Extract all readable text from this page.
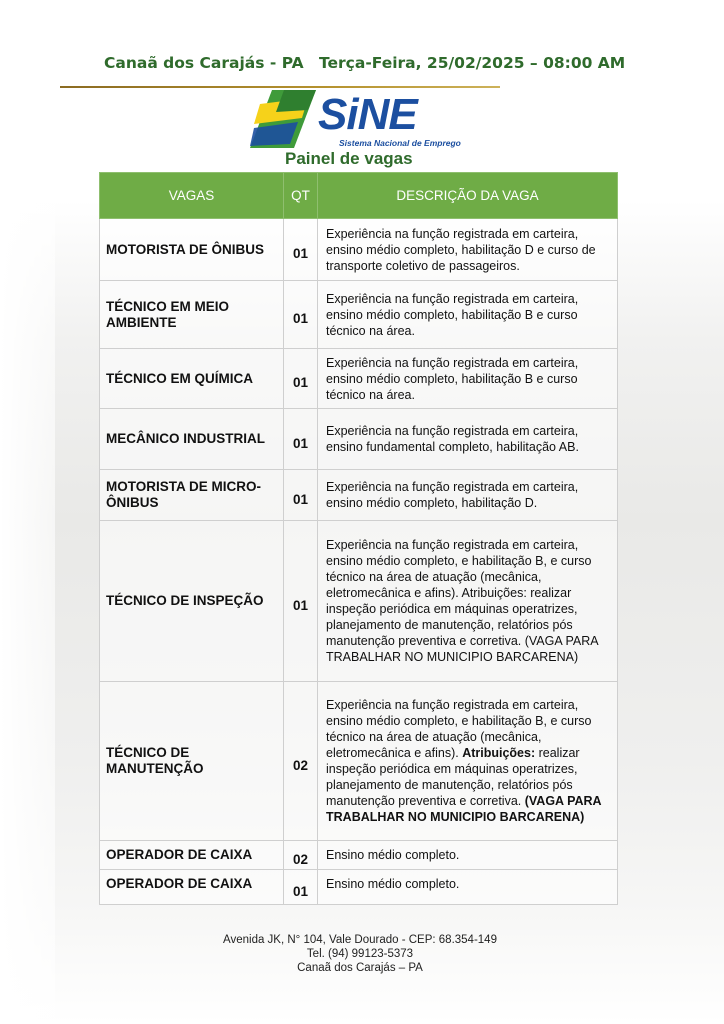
Canaã dos Carajás - PA Terça-Feira, 25/02/2025 – 08:00 AM
SiNE
Sistema Nacional de Emprego
Painel de vagas
VAGAS	QT	DESCRIÇÃO DA VAGA
MOTORISTA DE ÔNIBUS	01	Experiência na função registrada em carteira, ensino médio completo, habilitação D e curso de transporte coletivo de passageiros.
TÉCNICO EM MEIO AMBIENTE	01	Experiência na função registrada em carteira, ensino médio completo, habilitação B e curso técnico na área.
TÉCNICO EM QUÍMICA	01	Experiência na função registrada em carteira, ensino médio completo, habilitação B e curso técnico na área.
MECÂNICO INDUSTRIAL	01	Experiência na função registrada em carteira, ensino fundamental completo, habilitação AB.
MOTORISTA DE MICRO-ÔNIBUS	01	Experiência na função registrada em carteira, ensino médio completo, habilitação D.
TÉCNICO DE INSPEÇÃO	01	Experiência na função registrada em carteira, ensino médio completo, e habilitação B, e curso técnico na área de atuação (mecânica, eletromecânica e afins). Atribuições: realizar inspeção periódica em máquinas operatrizes, planejamento de manutenção, relatórios pós manutenção preventiva e corretiva. (VAGA PARA TRABALHAR NO MUNICIPIO BARCARENA)
TÉCNICO DE MANUTENÇÃO	02	Experiência na função registrada em carteira, ensino médio completo, e habilitação B, e curso técnico na área de atuação (mecânica, eletromecânica e afins). Atribuições: realizar inspeção periódica em máquinas operatrizes, planejamento de manutenção, relatórios pós manutenção preventiva e corretiva. (VAGA PARA TRABALHAR NO MUNICIPIO BARCARENA)
OPERADOR DE CAIXA	02	Ensino médio completo.
OPERADOR DE CAIXA	01	Ensino médio completo.
Avenida JK, N° 104, Vale Dourado - CEP: 68.354-149
Tel. (94) 99123-5373
Canaã dos Carajás – PA
